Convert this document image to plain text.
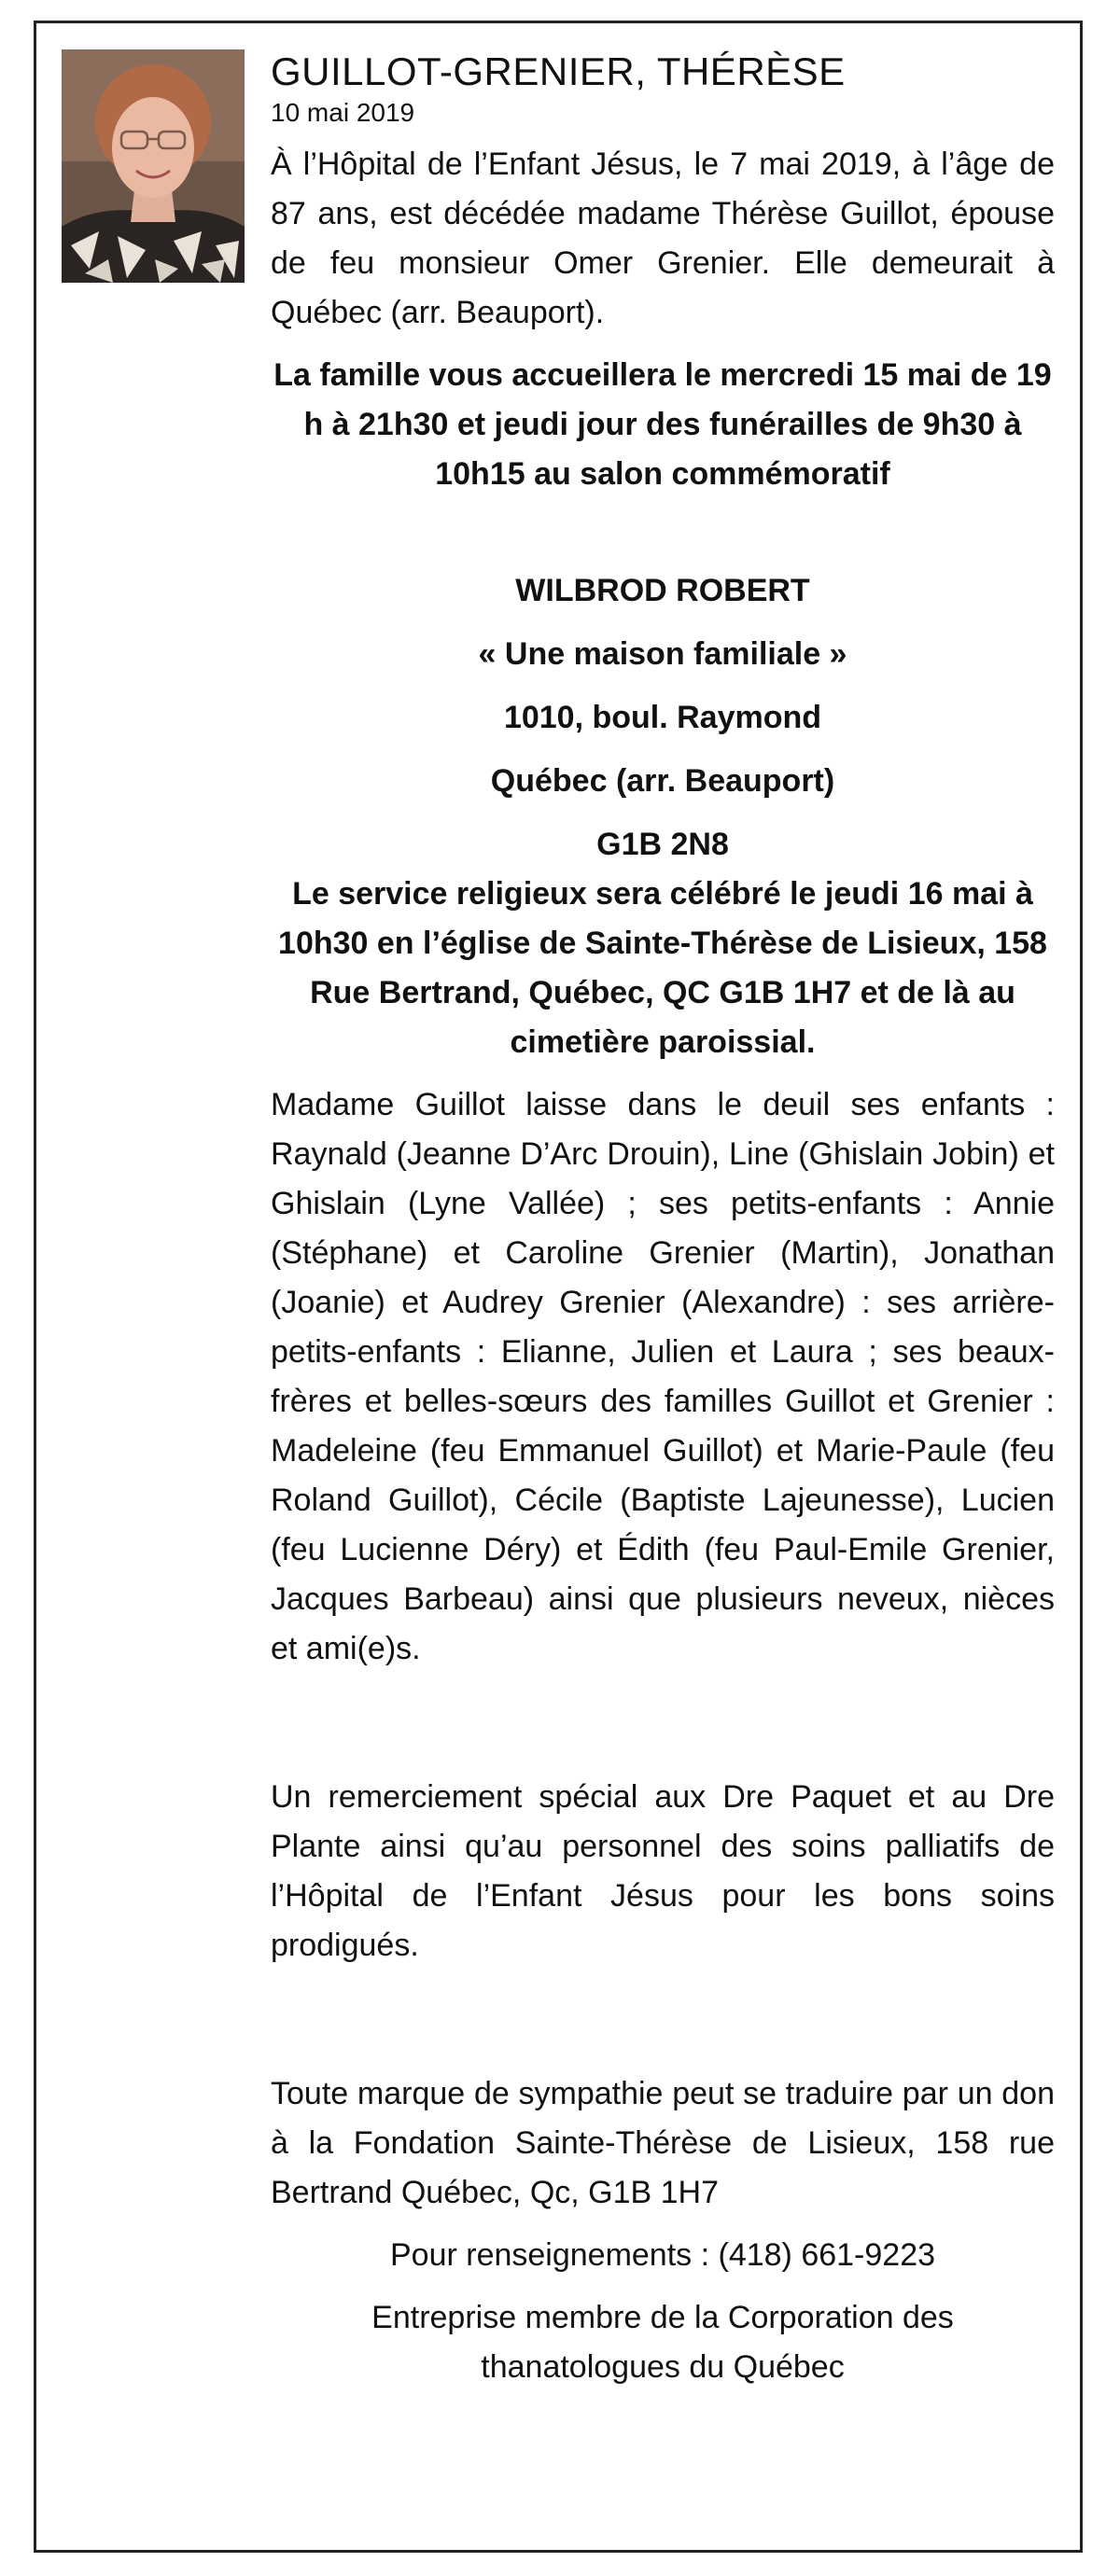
GUILLOT-GRENIER, THÉRÈSE
10 mai 2019

À l’Hôpital de l’Enfant Jésus, le 7 mai 2019, à l’âge de 87 ans, est décédée madame Thérèse Guillot, épouse de feu monsieur Omer Grenier. Elle demeurait à Québec (arr. Beauport).

La famille vous accueillera le mercredi 15 mai de 19 h à 21h30 et jeudi jour des funérailles de 9h30 à 10h15 au salon commémoratif

WILBROD ROBERT
« Une maison familiale »
1010, boul. Raymond
Québec (arr. Beauport)
G1B 2N8

Le service religieux sera célébré le jeudi 16 mai à 10h30 en l’église de Sainte-Thérèse de Lisieux, 158 Rue Bertrand, Québec, QC G1B 1H7 et de là au cimetière paroissial.

Madame Guillot laisse dans le deuil ses enfants : Raynald (Jeanne D’Arc Drouin), Line (Ghislain Jobin) et Ghislain (Lyne Vallée) ; ses petits-enfants : Annie (Stéphane) et Caroline Grenier (Martin), Jonathan (Joanie) et Audrey Grenier (Alexandre) : ses arrière-petits-enfants : Elianne, Julien et Laura ; ses beaux-frères et belles-sœurs des familles Guillot et Grenier : Madeleine (feu Emmanuel Guillot) et Marie-Paule (feu Roland Guillot), Cécile (Baptiste Lajeunesse), Lucien (feu Lucienne Déry) et Édith (feu Paul-Emile Grenier, Jacques Barbeau) ainsi que plusieurs neveux, nièces et ami(e)s.

Un remerciement spécial aux Dre Paquet et au Dre Plante ainsi qu’au personnel des soins palliatifs de l’Hôpital de l’Enfant Jésus pour les bons soins prodigués.

Toute marque de sympathie peut se traduire par un don à la Fondation Sainte-Thérèse de Lisieux, 158 rue Bertrand Québec, Qc, G1B 1H7

Pour renseignements : (418) 661-9223

Entreprise membre de la Corporation des thanatologues du Québec
